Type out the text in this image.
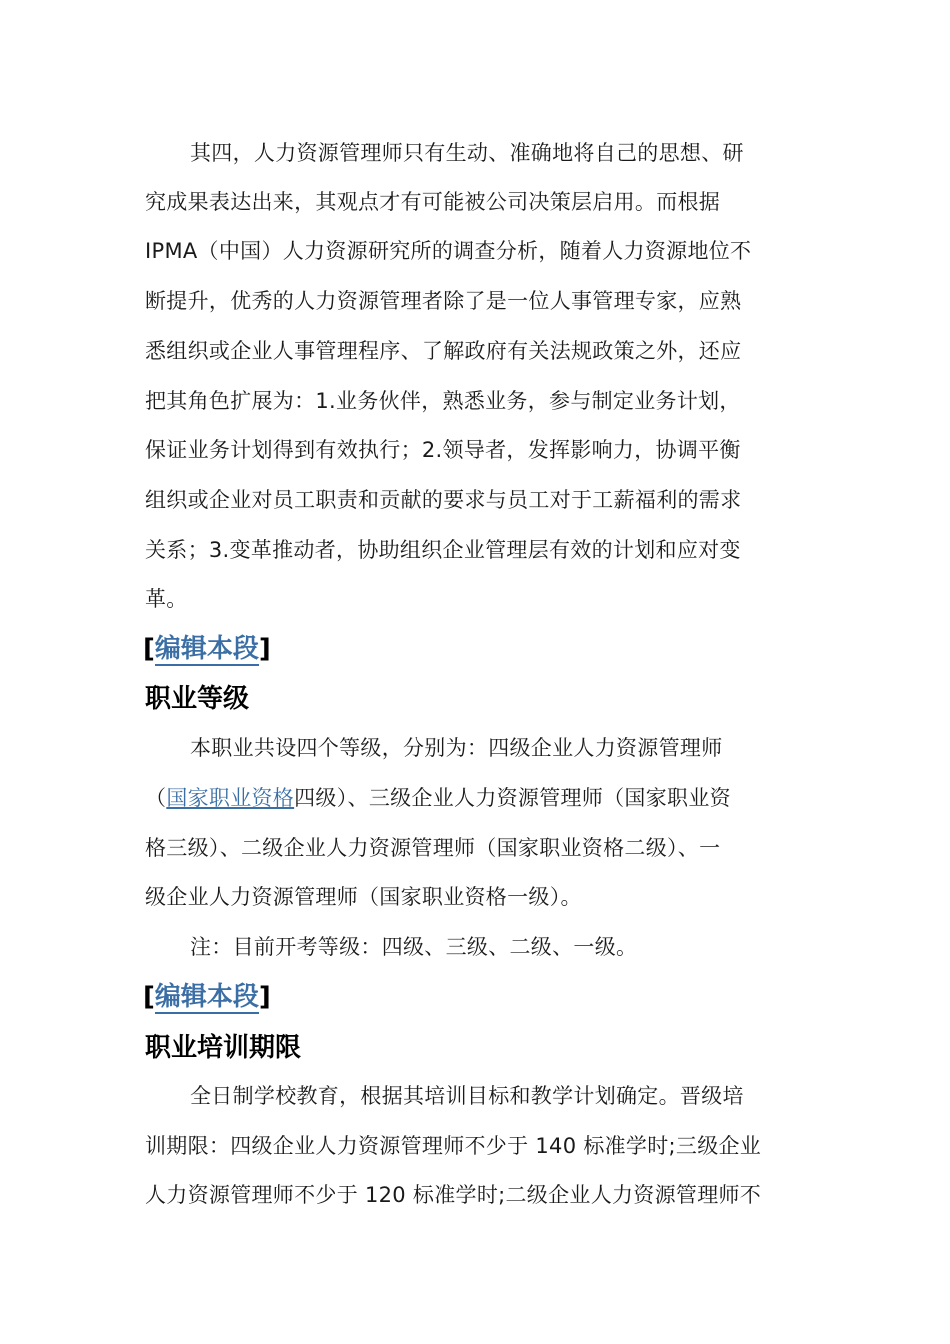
其四，人力资源管理师只有生动、准确地将自己的思想、研
究成果表达出来，其观点才有可能被公司决策层启用。而根据
IPMA（中国）人力资源研究所的调查分析，随着人力资源地位不
断提升，优秀的人力资源管理者除了是一位人事管理专家，应熟
悉组织或企业人事管理程序、了解政府有关法规政策之外，还应
把其角色扩展为：1.业务伙伴，熟悉业务，参与制定业务计划，
保证业务计划得到有效执行；2.领导者，发挥影响力，协调平衡
组织或企业对员工职责和贡献的要求与员工对于工薪福利的需求
关系；3.变革推动者，协助组织企业管理层有效的计划和应对变
革。
[编辑本段]
职业等级
本职业共设四个等级，分别为：四级企业人力资源管理师
（国家职业资格四级）、三级企业人力资源管理师（国家职业资
格三级）、二级企业人力资源管理师（国家职业资格二级）、一
级企业人力资源管理师（国家职业资格一级）。
注：目前开考等级：四级、三级、二级、一级。
[编辑本段]
职业培训期限
全日制学校教育，根据其培训目标和教学计划确定。晋级培
训期限：四级企业人力资源管理师不少于 140 标准学时;三级企业
人力资源管理师不少于 120 标准学时;二级企业人力资源管理师不
